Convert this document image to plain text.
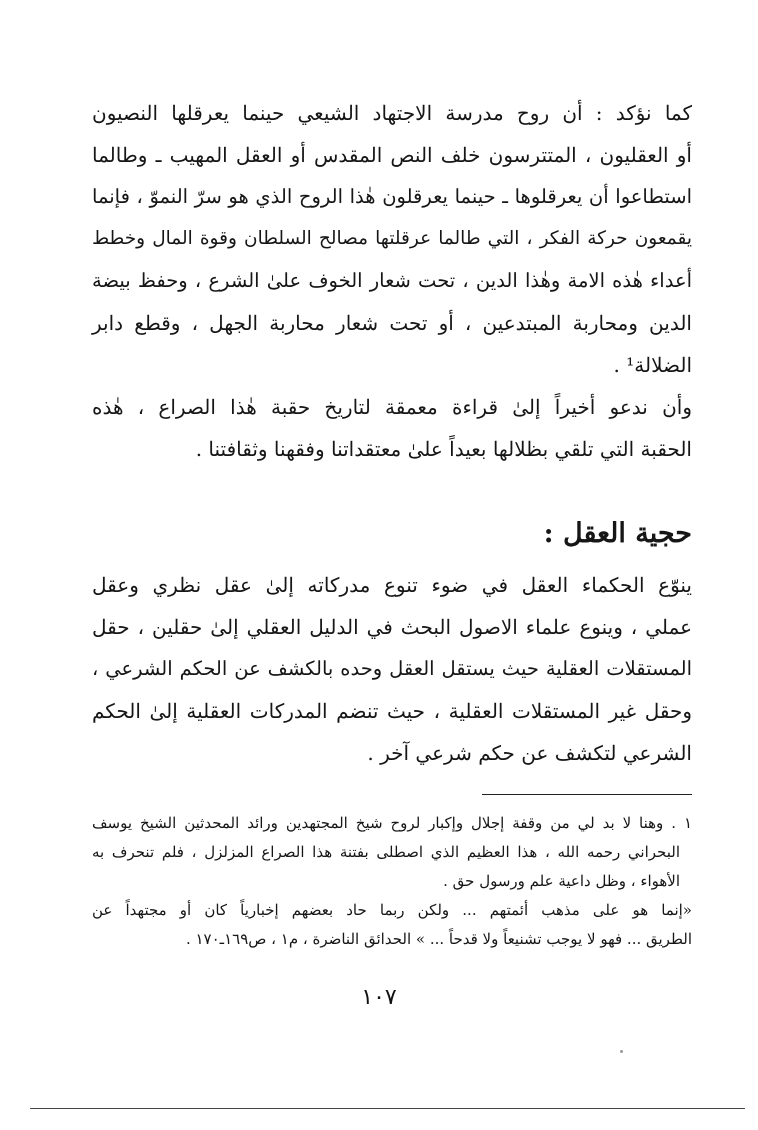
كما نؤكد : أن روح مدرسة الاجتهاد الشيعي حينما يعرقلها النصيون
أو العقليون ، المتترسون خلف النص المقدس أو العقل المهيب ـ وطالما
استطاعوا أن يعرقلوها ـ حينما يعرقلون هٰذا الروح الذي هو سرّ النموّ ، فإنما
يقمعون حركة الفكر ، التي طالما عرقلتها مصالح السلطان وقوة المال وخطط
أعداء هٰذه الامة وهٰذا الدين ، تحت شعار الخوف علىٰ الشرع ، وحفظ بيضة
الدين ومحاربة المبتدعين ، أو تحت شعار محاربة الجهل ، وقطع دابر
الضلالة¹ .
وأن ندعو أخيراً إلىٰ قراءة معمقة لتاريخ حقبة هٰذا الصراع ، هٰذه
الحقبة التي تلقي بظلالها بعيداً علىٰ معتقداتنا وفقهنا وثقافتنا .
حجية العقل :
ينوّع الحكماء العقل في ضوء تنوع مدركاته إلىٰ عقل نظري وعقل
عملي ، وينوع علماء الاصول البحث في الدليل العقلي إلىٰ حقلين ، حقل
المستقلات العقلية حيث يستقل العقل وحده بالكشف عن الحكم الشرعي ،
وحقل غير المستقلات العقلية ، حيث تنضم المدركات العقلية إلىٰ الحكم
الشرعي لتكشف عن حكم شرعي آخر .
١ . وهنا لا بد لي من وقفة إجلال وإكبار لروح شيخ المجتهدين ورائد المحدثين الشيخ يوسف
البحراني رحمه الله ، هذا العظيم الذي اصطلى بفتنة هذا الصراع المزلزل ، فلم تنحرف به
الأهواء ، وظل داعية علم ورسول حق .
«إنما هو على مذهب أئمتهم ... ولكن ربما حاد بعضهم إخبارياً كان أو مجتهداً عن
الطريق ... فهو لا يوجب تشنيعاً ولا قدحاً ... » الحدائق الناضرة ، م١ ، ص١٦٩ـ١٧٠ .
١٠٧
